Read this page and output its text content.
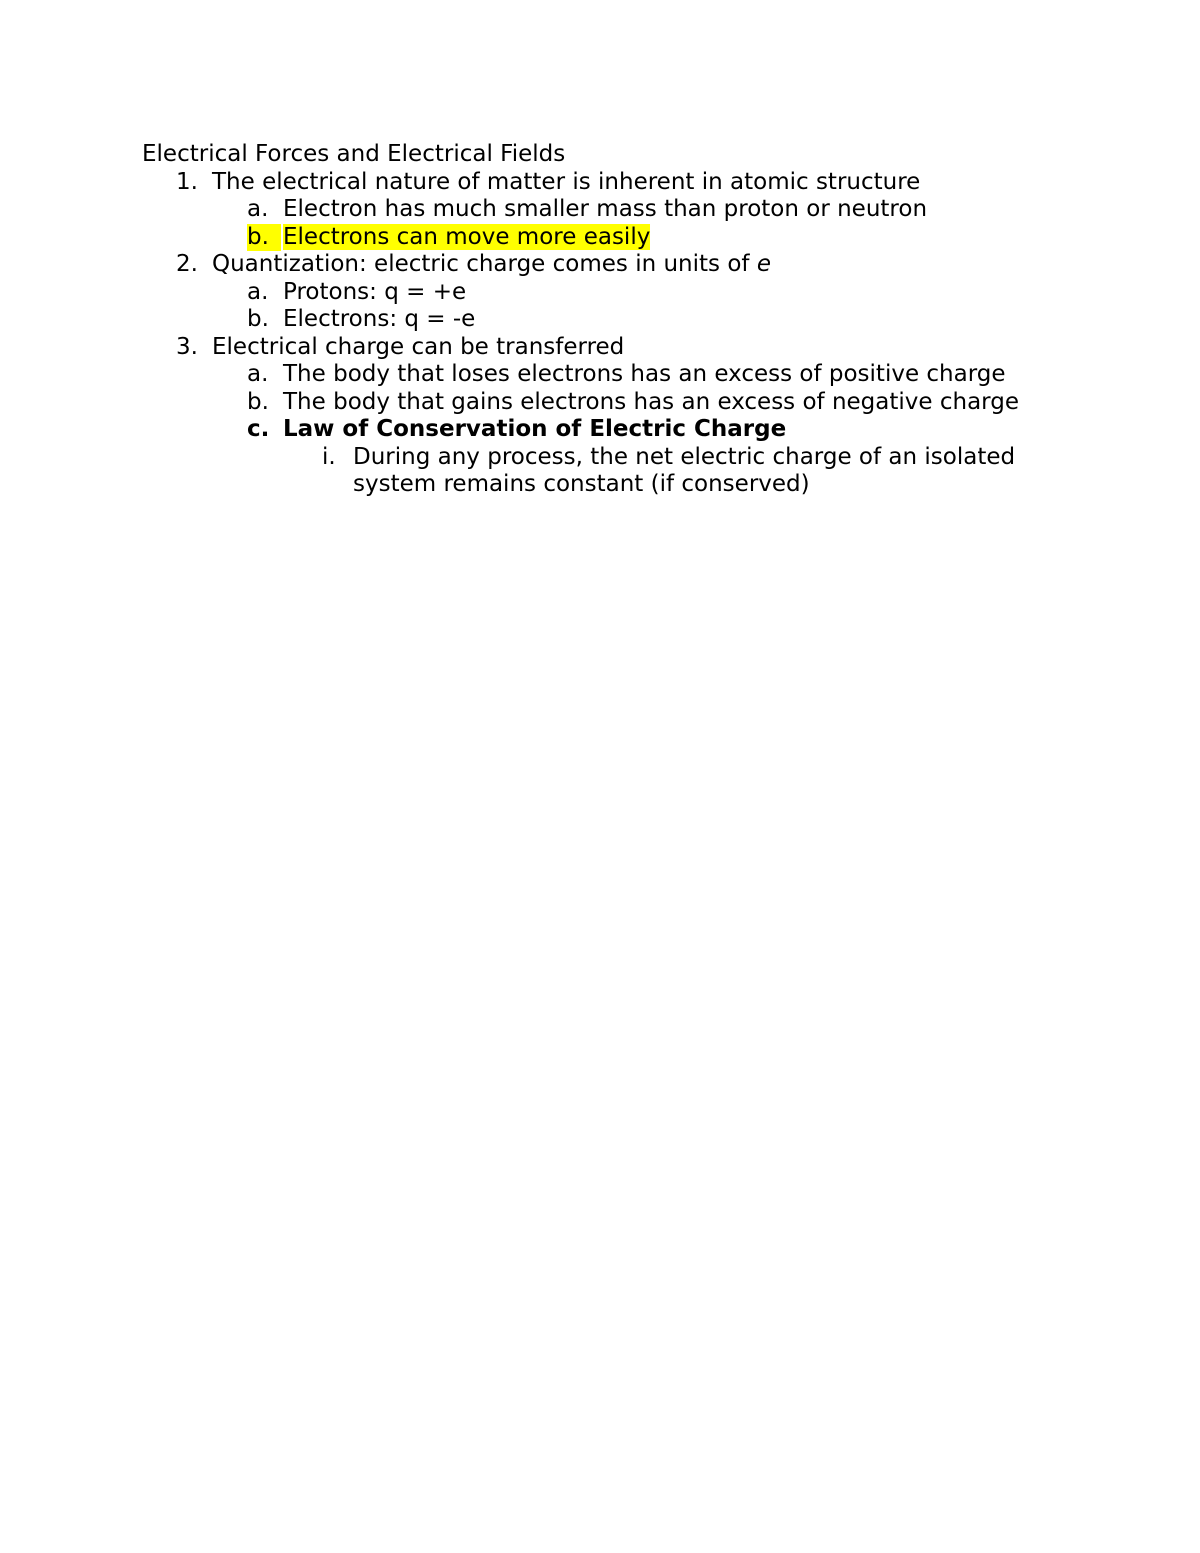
Electrical Forces and Electrical Fields
1. The electrical nature of matter is inherent in atomic structure
a. Electron has much smaller mass than proton or neutron
b. Electrons can move more easily
2. Quantization: electric charge comes in units of e
a. Protons: q = +e
b. Electrons: q = -e
3. Electrical charge can be transferred
a. The body that loses electrons has an excess of positive charge
b. The body that gains electrons has an excess of negative charge
c. Law of Conservation of Electric Charge
i. During any process, the net electric charge of an isolated system remains constant (if conserved)
